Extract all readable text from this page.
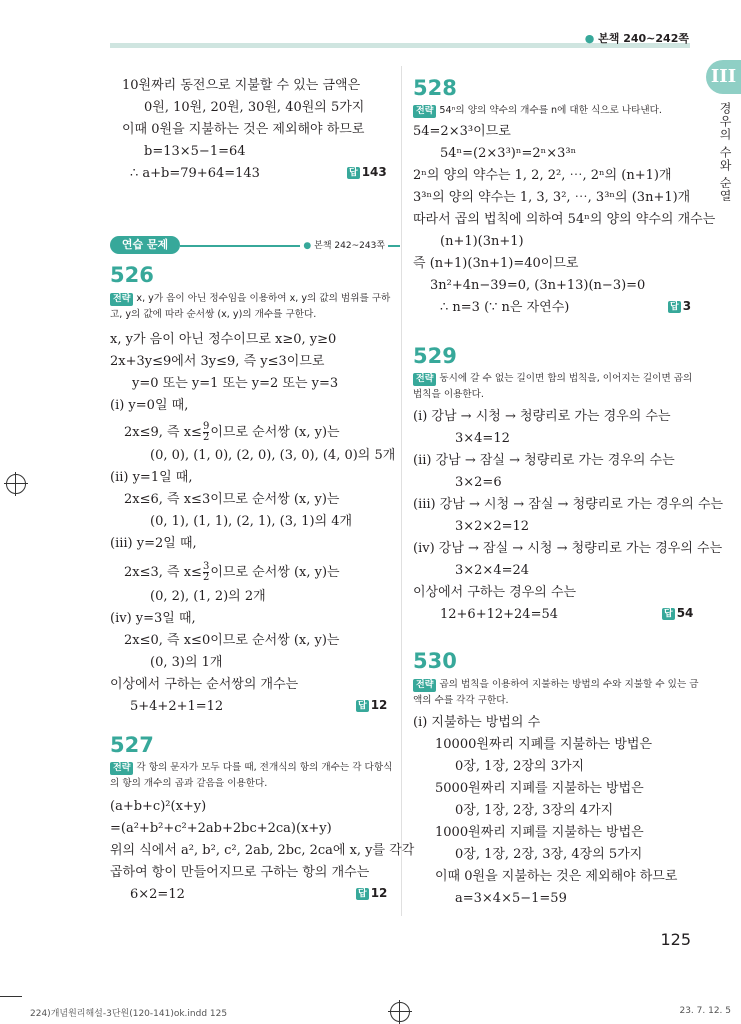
● 본책 240~242쪽
III
경우의 수와 순열
10원짜리 동전으로 지불할 수 있는 금액은
0원, 10원, 20원, 30원, 40원의 5가지
이때 0원을 지불하는 것은 제외해야 하므로
b=13×5−1=64
∴ a+b=79+64=143	답 143
연습 문제	● 본책 242~243쪽
526
전략 x, y가 음이 아닌 정수임을 이용하여 x, y의 값의 범위를 구하고, y의 값에 따라 순서쌍 (x, y)의 개수를 구한다.
x, y가 음이 아닌 정수이므로 x≥0, y≥0
2x+3y≤9에서 3y≤9, 즉 y≤3이므로
y=0 또는 y=1 또는 y=2 또는 y=3
(ⅰ) y=0일 때,
2x≤9, 즉 $x\le \frac{9}{2}$ 이므로 순서쌍 (x, y)는
(0, 0), (1, 0), (2, 0), (3, 0), (4, 0)의 5개
(ⅱ) y=1일 때,
2x≤6, 즉 x≤3이므로 순서쌍 (x, y)는
(0, 1), (1, 1), (2, 1), (3, 1)의 4개
(ⅲ) y=2일 때,
2x≤3, 즉 $x\le \frac{3}{2}$ 이므로 순서쌍 (x, y)는
(0, 2), (1, 2)의 2개
(ⅳ) y=3일 때,
2x≤0, 즉 x≤0이므로 순서쌍 (x, y)는
(0, 3)의 1개
이상에서 구하는 순서쌍의 개수는
5+4+2+1=12	답 12
527
전략 각 항의 문자가 모두 다를 때, 전개식의 항의 개수는 각 다항식의 항의 개수의 곱과 같음을 이용한다.
(a+b+c)²(x+y)
=(a²+b²+c²+2ab+2bc+2ca)(x+y)
위의 식에서 a², b², c², 2ab, 2bc, 2ca에 x, y를 각각
곱하여 항이 만들어지므로 구하는 항의 개수는
6×2=12	답 12
528
전략 54ⁿ의 양의 약수의 개수를 n에 대한 식으로 나타낸다.
54=2×3³이므로
54ⁿ=(2×3³)ⁿ=2ⁿ×3³ⁿ
2ⁿ의 양의 약수는 1, 2, 2², ⋯, 2ⁿ의 (n+1)개
3³ⁿ의 양의 약수는 1, 3, 3², ⋯, 3³ⁿ의 (3n+1)개
따라서 곱의 법칙에 의하여 54ⁿ의 양의 약수의 개수는
(n+1)(3n+1)
즉 (n+1)(3n+1)=40이므로
3n²+4n−39=0, (3n+13)(n−3)=0
∴ n=3 (∵ n은 자연수)	답 3
529
전략 동시에 갈 수 없는 길이면 합의 법칙을, 이어지는 길이면 곱의 법칙을 이용한다.
(ⅰ) 강남 → 시청 → 청량리로 가는 경우의 수는
3×4=12
(ⅱ) 강남 → 잠실 → 청량리로 가는 경우의 수는
3×2=6
(ⅲ) 강남 → 시청 → 잠실 → 청량리로 가는 경우의 수는
3×2×2=12
(ⅳ) 강남 → 잠실 → 시청 → 청량리로 가는 경우의 수는
3×2×4=24
이상에서 구하는 경우의 수는
12+6+12+24=54	답 54
530
전략 곱의 법칙을 이용하여 지불하는 방법의 수와 지불할 수 있는 금액의 수를 각각 구한다.
(ⅰ) 지불하는 방법의 수
10000원짜리 지폐를 지불하는 방법은
0장, 1장, 2장의 3가지
5000원짜리 지폐를 지불하는 방법은
0장, 1장, 2장, 3장의 4가지
1000원짜리 지폐를 지불하는 방법은
0장, 1장, 2장, 3장, 4장의 5가지
이때 0원을 지불하는 것은 제외해야 하므로
a=3×4×5−1=59
125
224)개념원리해설-3단원(120-141)ok.indd 125	23. 7. 12. 5
